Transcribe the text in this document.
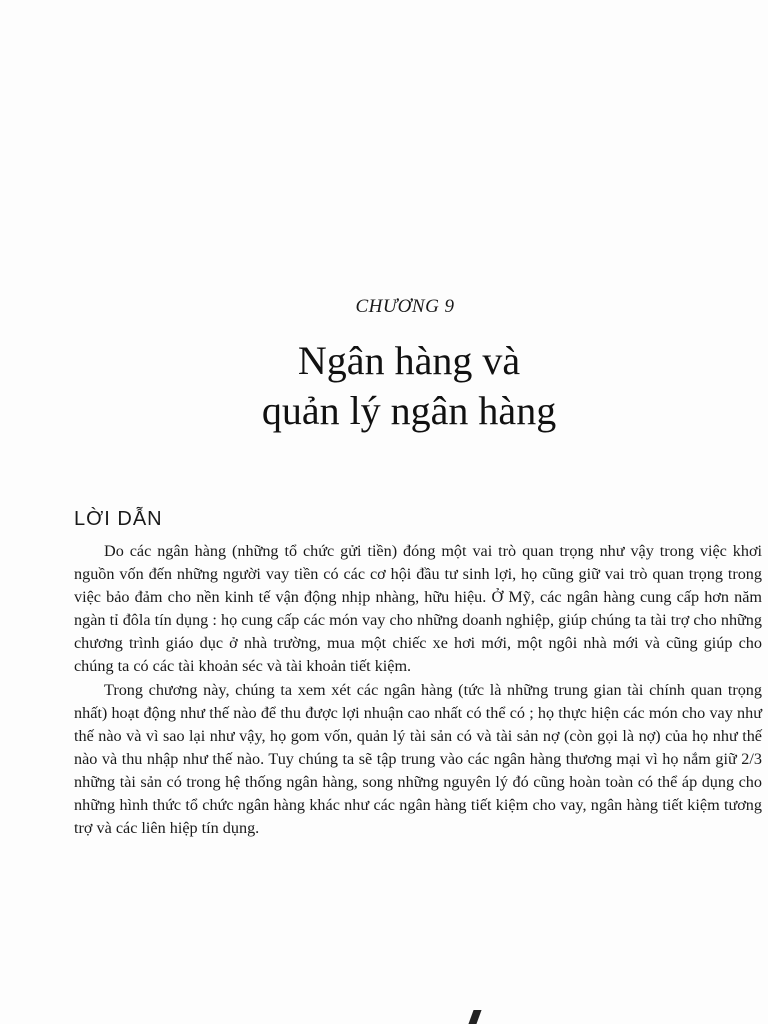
CHƯƠNG 9
Ngân hàng và
quản lý ngân hàng
LỜI DẪN

Do các ngân hàng (những tổ chức gửi tiền) đóng một vai trò quan trọng như vậy trong việc khơi nguồn vốn đến những người vay tiền có các cơ hội đầu tư sinh lợi, họ cũng giữ vai trò quan trọng trong việc bảo đảm cho nền kinh tế vận động nhịp nhàng, hữu hiệu. Ở Mỹ, các ngân hàng cung cấp hơn năm ngàn tỉ đôla tín dụng : họ cung cấp các món vay cho những doanh nghiệp, giúp chúng ta tài trợ cho những chương trình giáo dục ở nhà trường, mua một chiếc xe hơi mới, một ngôi nhà mới và cũng giúp cho chúng ta có các tài khoản séc và tài khoản tiết kiệm.

Trong chương này, chúng ta xem xét các ngân hàng (tức là những trung gian tài chính quan trọng nhất) hoạt động như thế nào để thu được lợi nhuận cao nhất có thể có ; họ thực hiện các món cho vay như thế nào và vì sao lại như vậy, họ gom vốn, quản lý tài sản có và tài sản nợ (còn gọi là nợ) của họ như thế nào và thu nhập như thế nào. Tuy chúng ta sẽ tập trung vào các ngân hàng thương mại vì họ nắm giữ 2/3 những tài sản có trong hệ thống ngân hàng, song những nguyên lý đó cũng hoàn toàn có thể áp dụng cho những hình thức tổ chức ngân hàng khác như các ngân hàng tiết kiệm cho vay, ngân hàng tiết kiệm tương trợ và các liên hiệp tín dụng.
